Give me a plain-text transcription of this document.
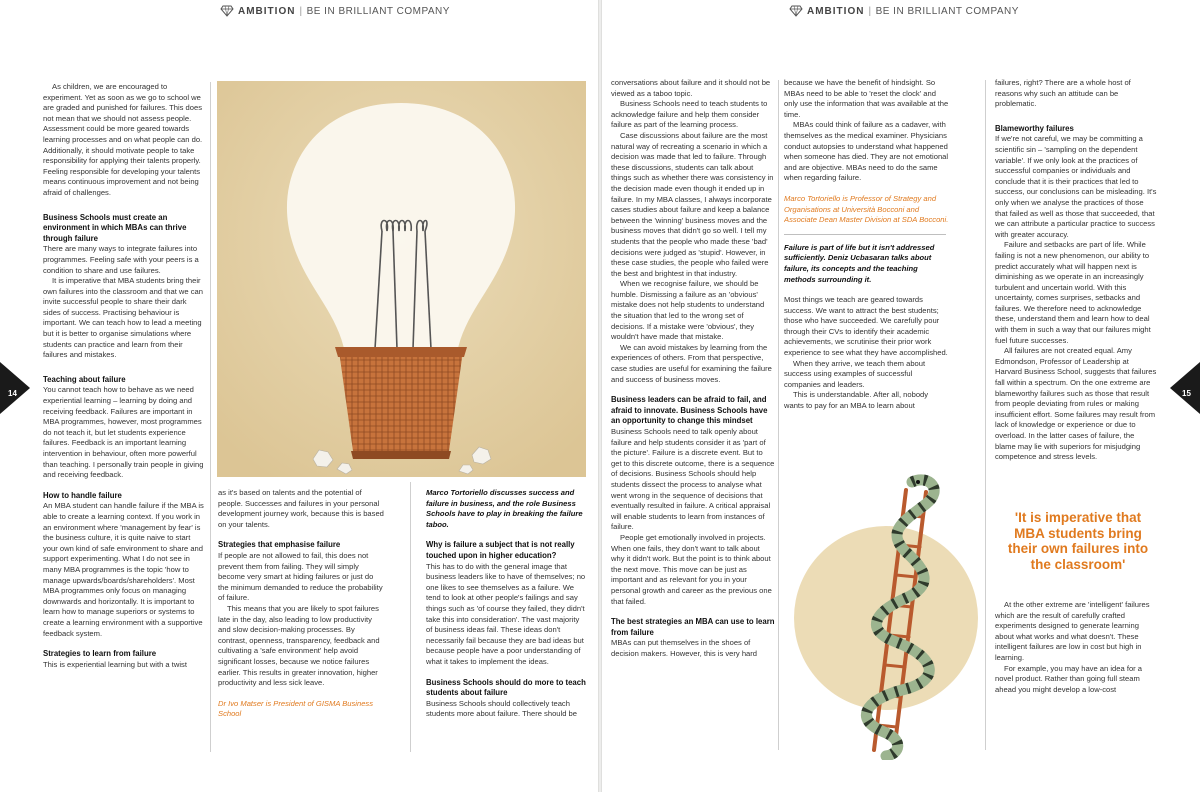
AMBITION | BE IN BRILLIANT COMPANY

As children, we are encouraged to experiment. Yet as soon as we go to school we are graded and punished for failures. This does not mean that we should not assess people. Assessment could be more geared towards learning processes and on what people can do. Additionally, it should motivate people to take responsibility for applying their talents properly. Feeling responsible for developing your talents means continuous improvement and not being afraid of challenges.

Business Schools must create an environment in which MBAs can thrive through failure

There are many ways to integrate failures into programmes. Feeling safe with your peers is a condition to share and use failures.

It is imperative that MBA students bring their own failures into the classroom and that we can invite successful people to share their dark sides of success. Practising behaviour is important. We can teach how to lead a meeting but it is better to organise simulations where students can practice and learn from their failures and mistakes.

Teaching about failure

You cannot teach how to behave as we need experiential learning – learning by doing and receiving feedback. Failures are important in MBA programmes, however, most programmes do not teach it, but let students experience failures. Feedback is an important learning intervention in behaviour, often more powerful than teaching. I personally train people in giving and receiving feedback.

How to handle failure

An MBA student can handle failure if the MBA is able to create a learning context. If you work in an environment where 'management by fear' is the business culture, it is quite naive to start your own kind of safe environment to share and support experimenting. What I do not see in many MBA programmes is the topic 'how to manage upwards/boards/shareholders'. Most MBA programmes only focus on managing downwards and horizontally. It is important to learn how to manage superiors or systems to create a learning environment with a supportive feedback system.

Strategies to learn from failure

This is experiential learning but with a twist

as it's based on talents and the potential of people. Successes and failures in your personal development journey work, because this is based on your talents.

Strategies that emphasise failure

If people are not allowed to fail, this does not prevent them from failing. They will simply become very smart at hiding failures or just do the minimum demanded to reduce the probability of failure.

This means that you are likely to spot failures late in the day, also leading to low productivity and slow decision-making processes. By contrast, openness, transparency, feedback and cultivating a 'safe environment' help avoid significant losses, because we notice failures earlier. This results in greater innovation, higher productivity and less sick leave.

Dr Ivo Matser is President of GISMA Business School

Marco Tortoriello discusses success and failure in business, and the role Business Schools have to play in breaking the failure taboo.

Why is failure a subject that is not really touched upon in higher education?

This has to do with the general image that business leaders like to have of themselves; no one likes to see themselves as a failure. We tend to look at other people's failings and say things such as 'of course they failed, they didn't take this into consideration'. The vast majority of business ideas fail. These ideas don't necessarily fail because they are bad ideas but because people have a poor understanding of what it takes to implement the ideas.

Business Schools should do more to teach students about failure

Business Schools should collectively teach students more about failure. There should be

14
AMBITION | BE IN BRILLIANT COMPANY

conversations about failure and it should not be viewed as a taboo topic.

Business Schools need to teach students to acknowledge failure and help them consider failure as part of the learning process.

Case discussions about failure are the most natural way of recreating a scenario in which a decision was made that led to failure. Through these discussions, students can talk about things such as whether there was consistency in the decision made even though it ended up in failure. In my MBA classes, I always incorporate cases studies about failure and keep a balance between the 'winning' business moves and the business moves that didn't go so well. I tell my students that the people who made these 'bad' decisions were judged as 'stupid'. However, in these case studies, the people who failed were the best and brightest in that industry.

When we recognise failure, we should be humble. Dismissing a failure as an 'obvious' mistake does not help students to understand the situation that led to the wrong set of decisions. If a mistake were 'obvious', they wouldn't have made that mistake.

We can avoid mistakes by learning from the experiences of others. From that perspective, case studies are useful for examining the failure and success of business moves.

Business leaders can be afraid to fail, and afraid to innovate. Business Schools have an opportunity to change this mindset

Business Schools need to talk openly about failure and help students consider it as 'part of the picture'. Failure is a discrete event. But to get to this discrete outcome, there is a sequence of decisions. Business Schools should help students dissect the process to analyse what went wrong in the sequence of decisions that eventually resulted in failure. A critical appraisal will enable students to learn from instances of failure.

People get emotionally involved in projects. When one fails, they don't want to talk about why it didn't work. But the point is to think about the next move. This move can be just as important and as relevant for you in your personal growth and career as the previous one that failed.

The best strategies an MBA can use to learn from failure

MBAs can put themselves in the shoes of decision makers. However, this is very hard

because we have the benefit of hindsight. So MBAs need to be able to 'reset the clock' and only use the information that was available at the time.

MBAs could think of failure as a cadaver, with themselves as the medical examiner. Physicians conduct autopsies to understand what happened when someone has died. They are not emotional and are objective. MBAs need to do the same when regarding failure.

Marco Tortoriello is Professor of Strategy and Organisations at Università Bocconi and Associate Dean Master Division at SDA Bocconi.

Failure is part of life but it isn't addressed sufficiently. Deniz Ucbasaran talks about failure, its concepts and the teaching methods surrounding it.

Most things we teach are geared towards success. We want to attract the best students; those who have succeeded. We carefully pour through their CVs to identify their academic achievements, we scrutinise their prior work experience to see what they have accomplished.

When they arrive, we teach them about success using examples of successful companies and leaders.

This is understandable. After all, nobody wants to pay for an MBA to learn about

failures, right? There are a whole host of reasons why such an attitude can be problematic.

Blameworthy failures

If we're not careful, we may be committing a scientific sin – 'sampling on the dependent variable'. If we only look at the practices of successful companies or individuals and conclude that it is their practices that led to success, our conclusions can be misleading. It's only when we analyse the practices of those that failed as well as those that succeeded, that we can attribute a particular practice to success with greater accuracy.

Failure and setbacks are part of life. While failing is not a new phenomenon, our ability to predict accurately what will happen next is diminishing as we operate in an increasingly turbulent and uncertain world. With this uncertainty, comes surprises, setbacks and failures. We therefore need to acknowledge these, understand them and learn how to deal with them in such a way that our failures might fuel future successes.

All failures are not created equal. Amy Edmondson, Professor of Leadership at Harvard Business School, suggests that failures fall within a spectrum. On the one extreme are blameworthy failures such as those that result from people deviating from rules or making insufficient effort. Some failures may result from lack of knowledge or experience or due to overload. In the latter cases of failure, the blame may lie with superiors for misjudging competence and stress levels.

At the other extreme are 'intelligent' failures which are the result of carefully crafted experiments designed to generate learning about what works and what doesn't. These intelligent failures are low in cost but high in learning.

For example, you may have an idea for a novel product. Rather than going full steam ahead you might develop a low-cost

15
'It is imperative that MBA students bring their own failures into the classroom'
